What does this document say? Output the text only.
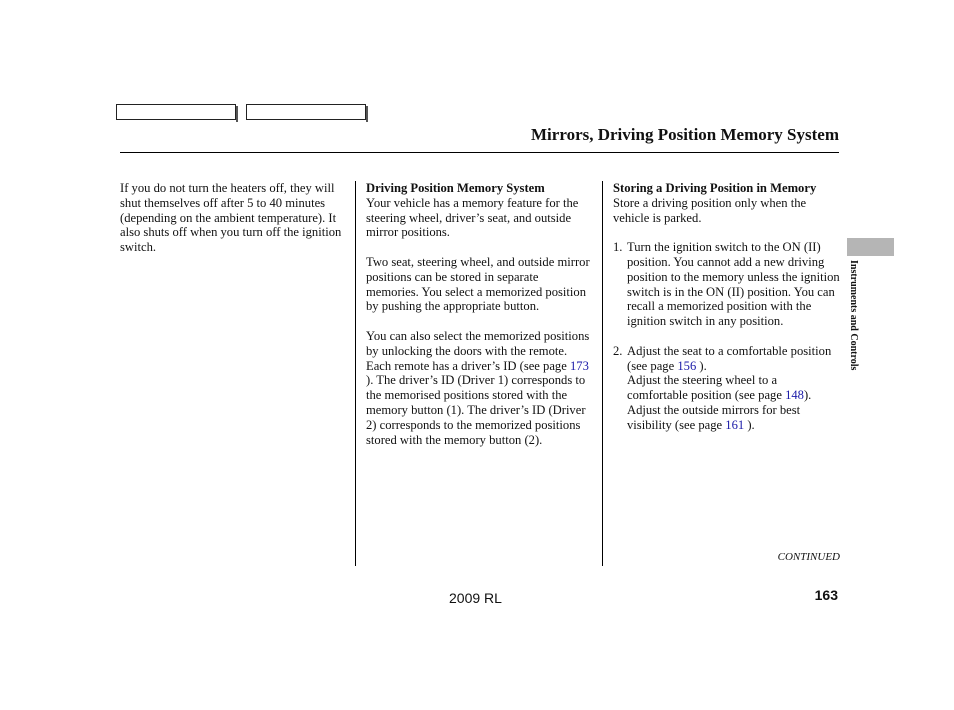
Mirrors, Driving Position Memory System

If you do not turn the heaters off, they will shut themselves off after 5 to 40 minutes (depending on the ambient temperature). It also shuts off when you turn off the ignition switch.

Driving Position Memory System

Your vehicle has a memory feature for the steering wheel, driver’s seat, and outside mirror positions.

Two seat, steering wheel, and outside mirror positions can be stored in separate memories. You select a memorized position by pushing the appropriate button.

You can also select the memorized positions by unlocking the doors with the remote. Each remote has a driver’s ID (see page 173 ). The driver’s ID (Driver 1) corresponds to the memorised positions stored with the memory button (1). The driver’s ID (Driver 2) corresponds to the memorized positions stored with the memory button (2).

Storing a Driving Position in Memory

Store a driving position only when the vehicle is parked.

1. Turn the ignition switch to the ON (II) position. You cannot add a new driving position to the memory unless the ignition switch is in the ON (II) position. You can recall a memorized position with the ignition switch in any position.
2. Adjust the seat to a comfortable position (see page 156 ).
Adjust the steering wheel to a comfortable position (see page 148).
Adjust the outside mirrors for best visibility (see page 161 ).
Instruments and Controls
CONTINUED
2009 RL	163
